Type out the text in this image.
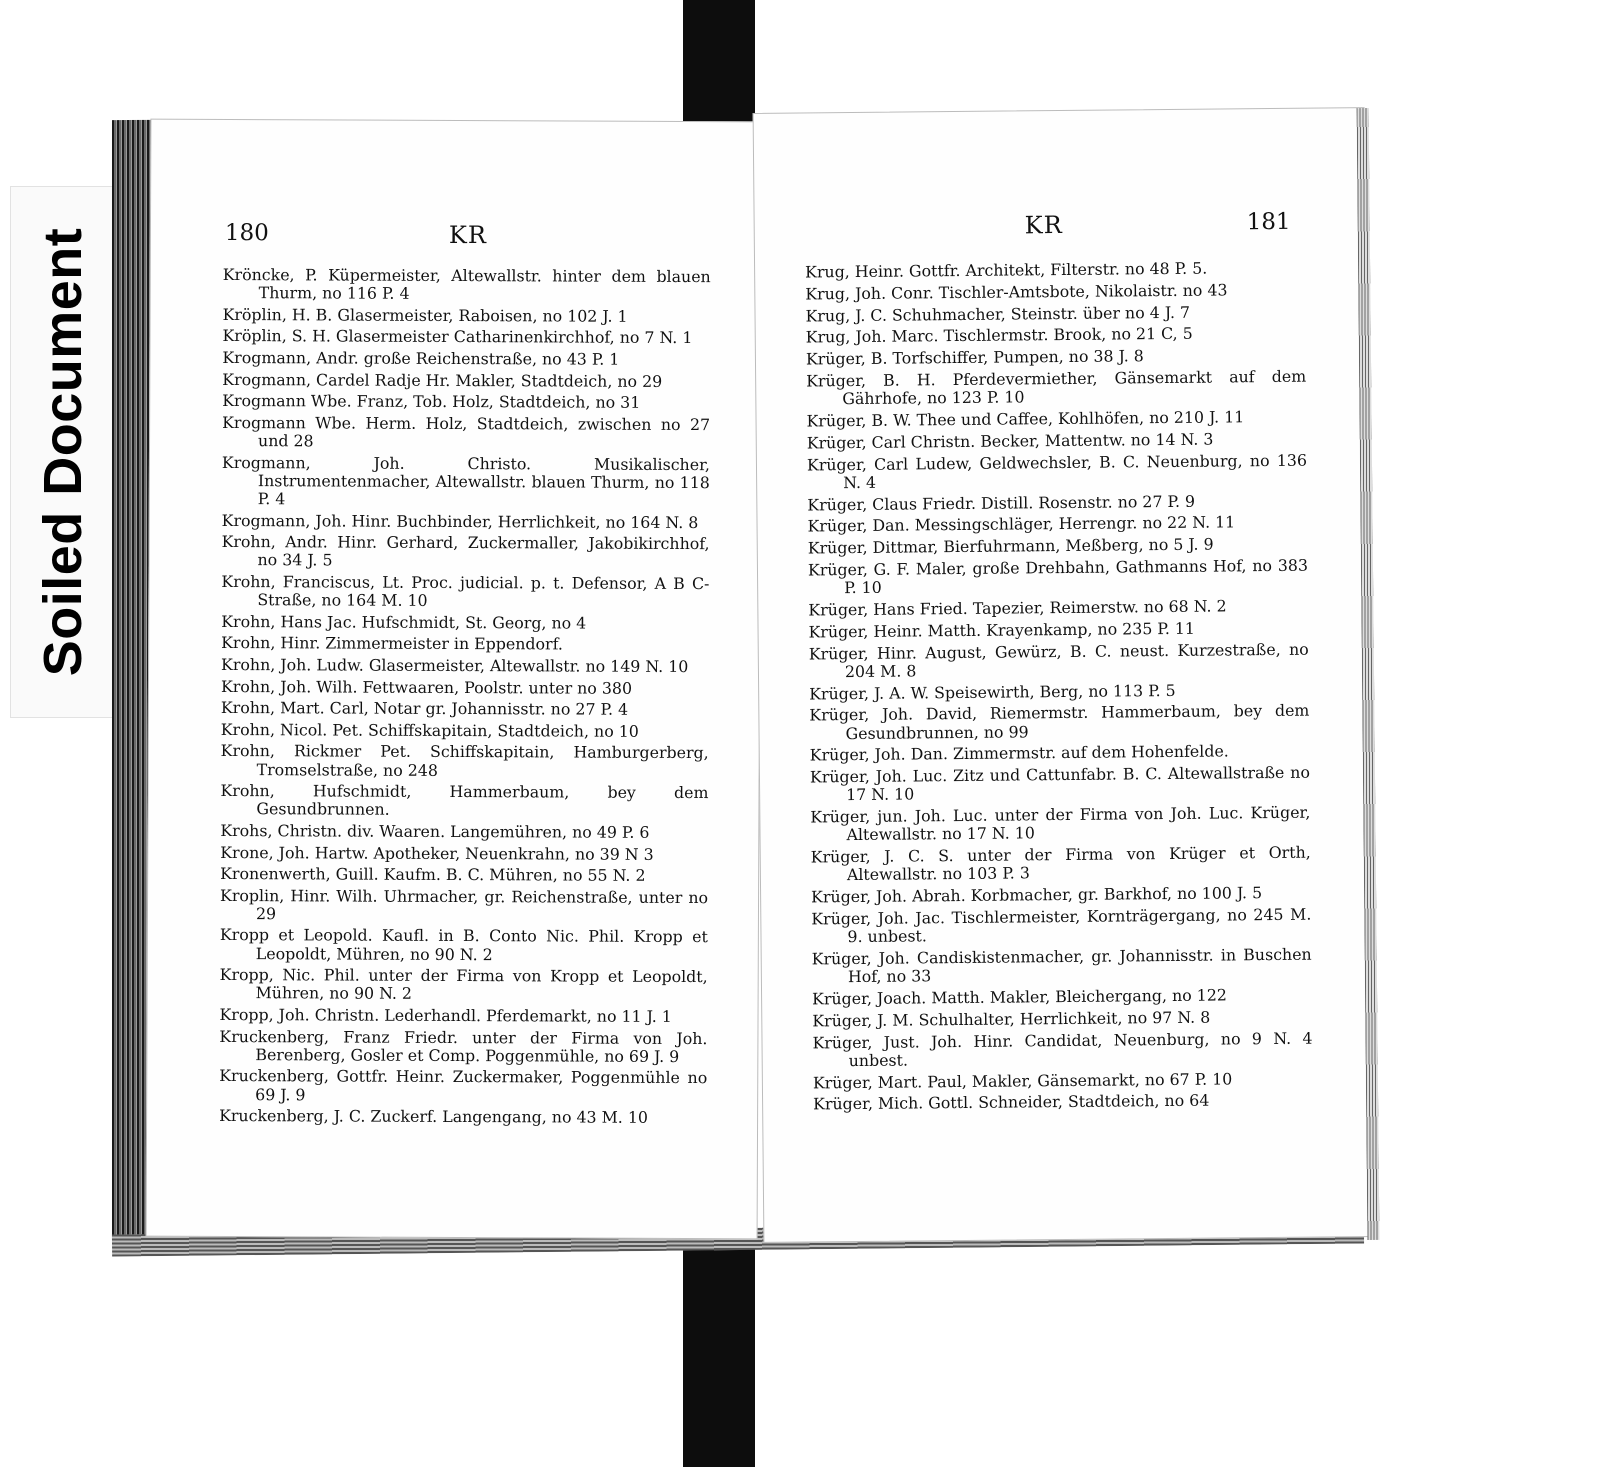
Soiled Document	180	KR
Kröncke, P. Küpermeister, Altewallstr. hinter dem blauen Thurm, no 116 P. 4
Kröplin, H. B. Glasermeister, Raboisen, no 102 J. 1
Kröplin, S. H. Glasermeister Catharinenkirchhof, no 7 N. 1
Krogmann, Andr. große Reichenstraße, no 43 P. 1
Krogmann, Cardel Radje Hr. Makler, Stadtdeich, no 29
Krogmann Wbe. Franz, Tob. Holz, Stadtdeich, no 31
Krogmann Wbe. Herm. Holz, Stadtdeich, zwischen no 27 und 28
Krogmann, Joh. Christo. Musikalischer, Instrumentenmacher, Altewallstr. blauen Thurm, no 118 P. 4
Krogmann, Joh. Hinr. Buchbinder, Herrlichkeit, no 164 N. 8
Krohn, Andr. Hinr. Gerhard, Zuckermaller, Jakobikirchhof, no 34 J. 5
Krohn, Franciscus, Lt. Proc. judicial. p. t. Defensor, A B C-Straße, no 164 M. 10
Krohn, Hans Jac. Hufschmidt, St. Georg, no 4
Krohn, Hinr. Zimmermeister in Eppendorf.
Krohn, Joh. Ludw. Glasermeister, Altewallstr. no 149 N. 10
Krohn, Joh. Wilh. Fettwaaren, Poolstr. unter no 380
Krohn, Mart. Carl, Notar gr. Johannisstr. no 27 P. 4
Krohn, Nicol. Pet. Schiffskapitain, Stadtdeich, no 10
Krohn, Rickmer Pet. Schiffskapitain, Hamburgerberg, Tromselstraße, no 248
Krohn, Hufschmidt, Hammerbaum, bey dem Gesundbrunnen.
Krohs, Christn. div. Waaren. Langemühren, no 49 P. 6
Krone, Joh. Hartw. Apotheker, Neuenkrahn, no 39 N 3
Kronenwerth, Guill. Kaufm. B. C. Mühren, no 55 N. 2
Kroplin, Hinr. Wilh. Uhrmacher, gr. Reichenstraße, unter no 29
Kropp et Leopold. Kaufl. in B. Conto Nic. Phil. Kropp et Leopoldt, Mühren, no 90 N. 2
Kropp, Nic. Phil. unter der Firma von Kropp et Leopoldt, Mühren, no 90 N. 2
Kropp, Joh. Christn. Lederhandl. Pferdemarkt, no 11 J. 1
Kruckenberg, Franz Friedr. unter der Firma von Joh. Berenberg, Gosler et Comp. Poggenmühle, no 69 J. 9
Kruckenberg, Gottfr. Heinr. Zuckermaker, Poggenmühle no 69 J. 9
Kruckenberg, J. C. Zuckerf. Langengang, no 43 M. 10
KR	181
Krug, Heinr. Gottfr. Architekt, Filterstr. no 48 P. 5.
Krug, Joh. Conr. Tischler-Amtsbote, Nikolaistr. no 43
Krug, J. C. Schuhmacher, Steinstr. über no 4 J. 7
Krug, Joh. Marc. Tischlermstr. Brook, no 21 C, 5
Krüger, B. Torfschiffer, Pumpen, no 38 J. 8
Krüger, B. H. Pferdevermiether, Gänsemarkt auf dem Gährhofe, no 123 P. 10
Krüger, B. W. Thee und Caffee, Kohlhöfen, no 210 J. 11
Krüger, Carl Christn. Becker, Mattentw. no 14 N. 3
Krüger, Carl Ludew, Geldwechsler, B. C. Neuenburg, no 136 N. 4
Krüger, Claus Friedr. Distill. Rosenstr. no 27 P. 9
Krüger, Dan. Messingschläger, Herrengr. no 22 N. 11
Krüger, Dittmar, Bierfuhrmann, Meßberg, no 5 J. 9
Krüger, G. F. Maler, große Drehbahn, Gathmanns Hof, no 383 P. 10
Krüger, Hans Fried. Tapezier, Reimerstw. no 68 N. 2
Krüger, Heinr. Matth. Krayenkamp, no 235 P. 11
Krüger, Hinr. August, Gewürz, B. C. neust. Kurzestraße, no 204 M. 8
Krüger, J. A. W. Speisewirth, Berg, no 113 P. 5
Krüger, Joh. David, Riemermstr. Hammerbaum, bey dem Gesundbrunnen, no 99
Krüger, Joh. Dan. Zimmermstr. auf dem Hohenfelde.
Krüger, Joh. Luc. Zitz und Cattunfabr. B. C. Altewallstraße no 17 N. 10
Krüger, jun. Joh. Luc. unter der Firma von Joh. Luc. Krüger, Altewallstr. no 17 N. 10
Krüger, J. C. S. unter der Firma von Krüger et Orth, Altewallstr. no 103 P. 3
Krüger, Joh. Abrah. Korbmacher, gr. Barkhof, no 100 J. 5
Krüger, Joh. Jac. Tischlermeister, Kornträgergang, no 245 M. 9. unbest.
Krüger, Joh. Candiskistenmacher, gr. Johannisstr. in Buschen Hof, no 33
Krüger, Joach. Matth. Makler, Bleichergang, no 122
Krüger, J. M. Schulhalter, Herrlichkeit, no 97 N. 8
Krüger, Just. Joh. Hinr. Candidat, Neuenburg, no 9 N. 4 unbest.
Krüger, Mart. Paul, Makler, Gänsemarkt, no 67 P. 10
Krüger, Mich. Gottl. Schneider, Stadtdeich, no 64
